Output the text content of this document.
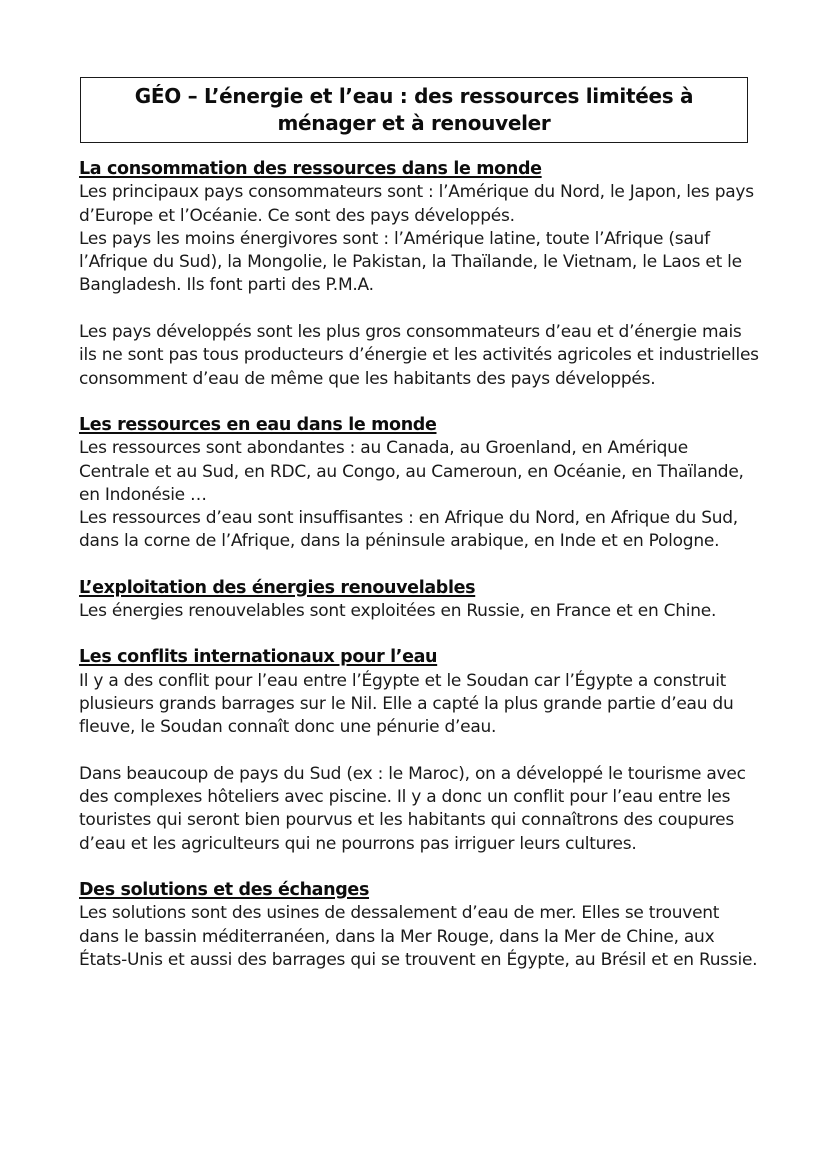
GÉO – L’énergie et l’eau : des ressources limitées à
ménager et à renouveler
La consommation des ressources dans le monde

Les principaux pays consommateurs sont : l’Amérique du Nord, le Japon, les pays d’Europe et l’Océanie. Ce sont des pays développés.

Les pays les moins énergivores sont : l’Amérique latine, toute l’Afrique (sauf l’Afrique du Sud), la Mongolie, le Pakistan, la Thaïlande, le Vietnam, le Laos et le Bangladesh. Ils font parti des P.M.A.

Les pays développés sont les plus gros consommateurs d’eau et d’énergie mais ils ne sont pas tous producteurs d’énergie et les activités agricoles et industrielles consomment d’eau de même que les habitants des pays développés.

Les ressources en eau dans le monde

Les ressources sont abondantes : au Canada, au Groenland, en Amérique Centrale et au Sud, en RDC, au Congo, au Cameroun, en Océanie, en Thaïlande, en Indonésie …

Les ressources d’eau sont insuffisantes : en Afrique du Nord, en Afrique du Sud, dans la corne de l’Afrique, dans la péninsule arabique, en Inde et en Pologne.

L’exploitation des énergies renouvelables

Les énergies renouvelables sont exploitées en Russie, en France et en Chine.

Les conflits internationaux pour l’eau

Il y a des conflit pour l’eau entre l’Égypte et le Soudan car l’Égypte a construit plusieurs grands barrages sur le Nil. Elle a capté la plus grande partie d’eau du fleuve, le Soudan connaît donc une pénurie d’eau.

Dans beaucoup de pays du Sud (ex : le Maroc), on a développé le tourisme avec des complexes hôteliers avec piscine. Il y a donc un conflit pour l’eau entre les touristes qui seront bien pourvus et les habitants qui connaîtrons des coupures d’eau et les agriculteurs qui ne pourrons pas irriguer leurs cultures.

Des solutions et des échanges

Les solutions sont des usines de dessalement d’eau de mer. Elles se trouvent dans le bassin méditerranéen, dans la Mer Rouge, dans la Mer de Chine, aux États-Unis et aussi des barrages qui se trouvent en Égypte, au Brésil et en Russie.
